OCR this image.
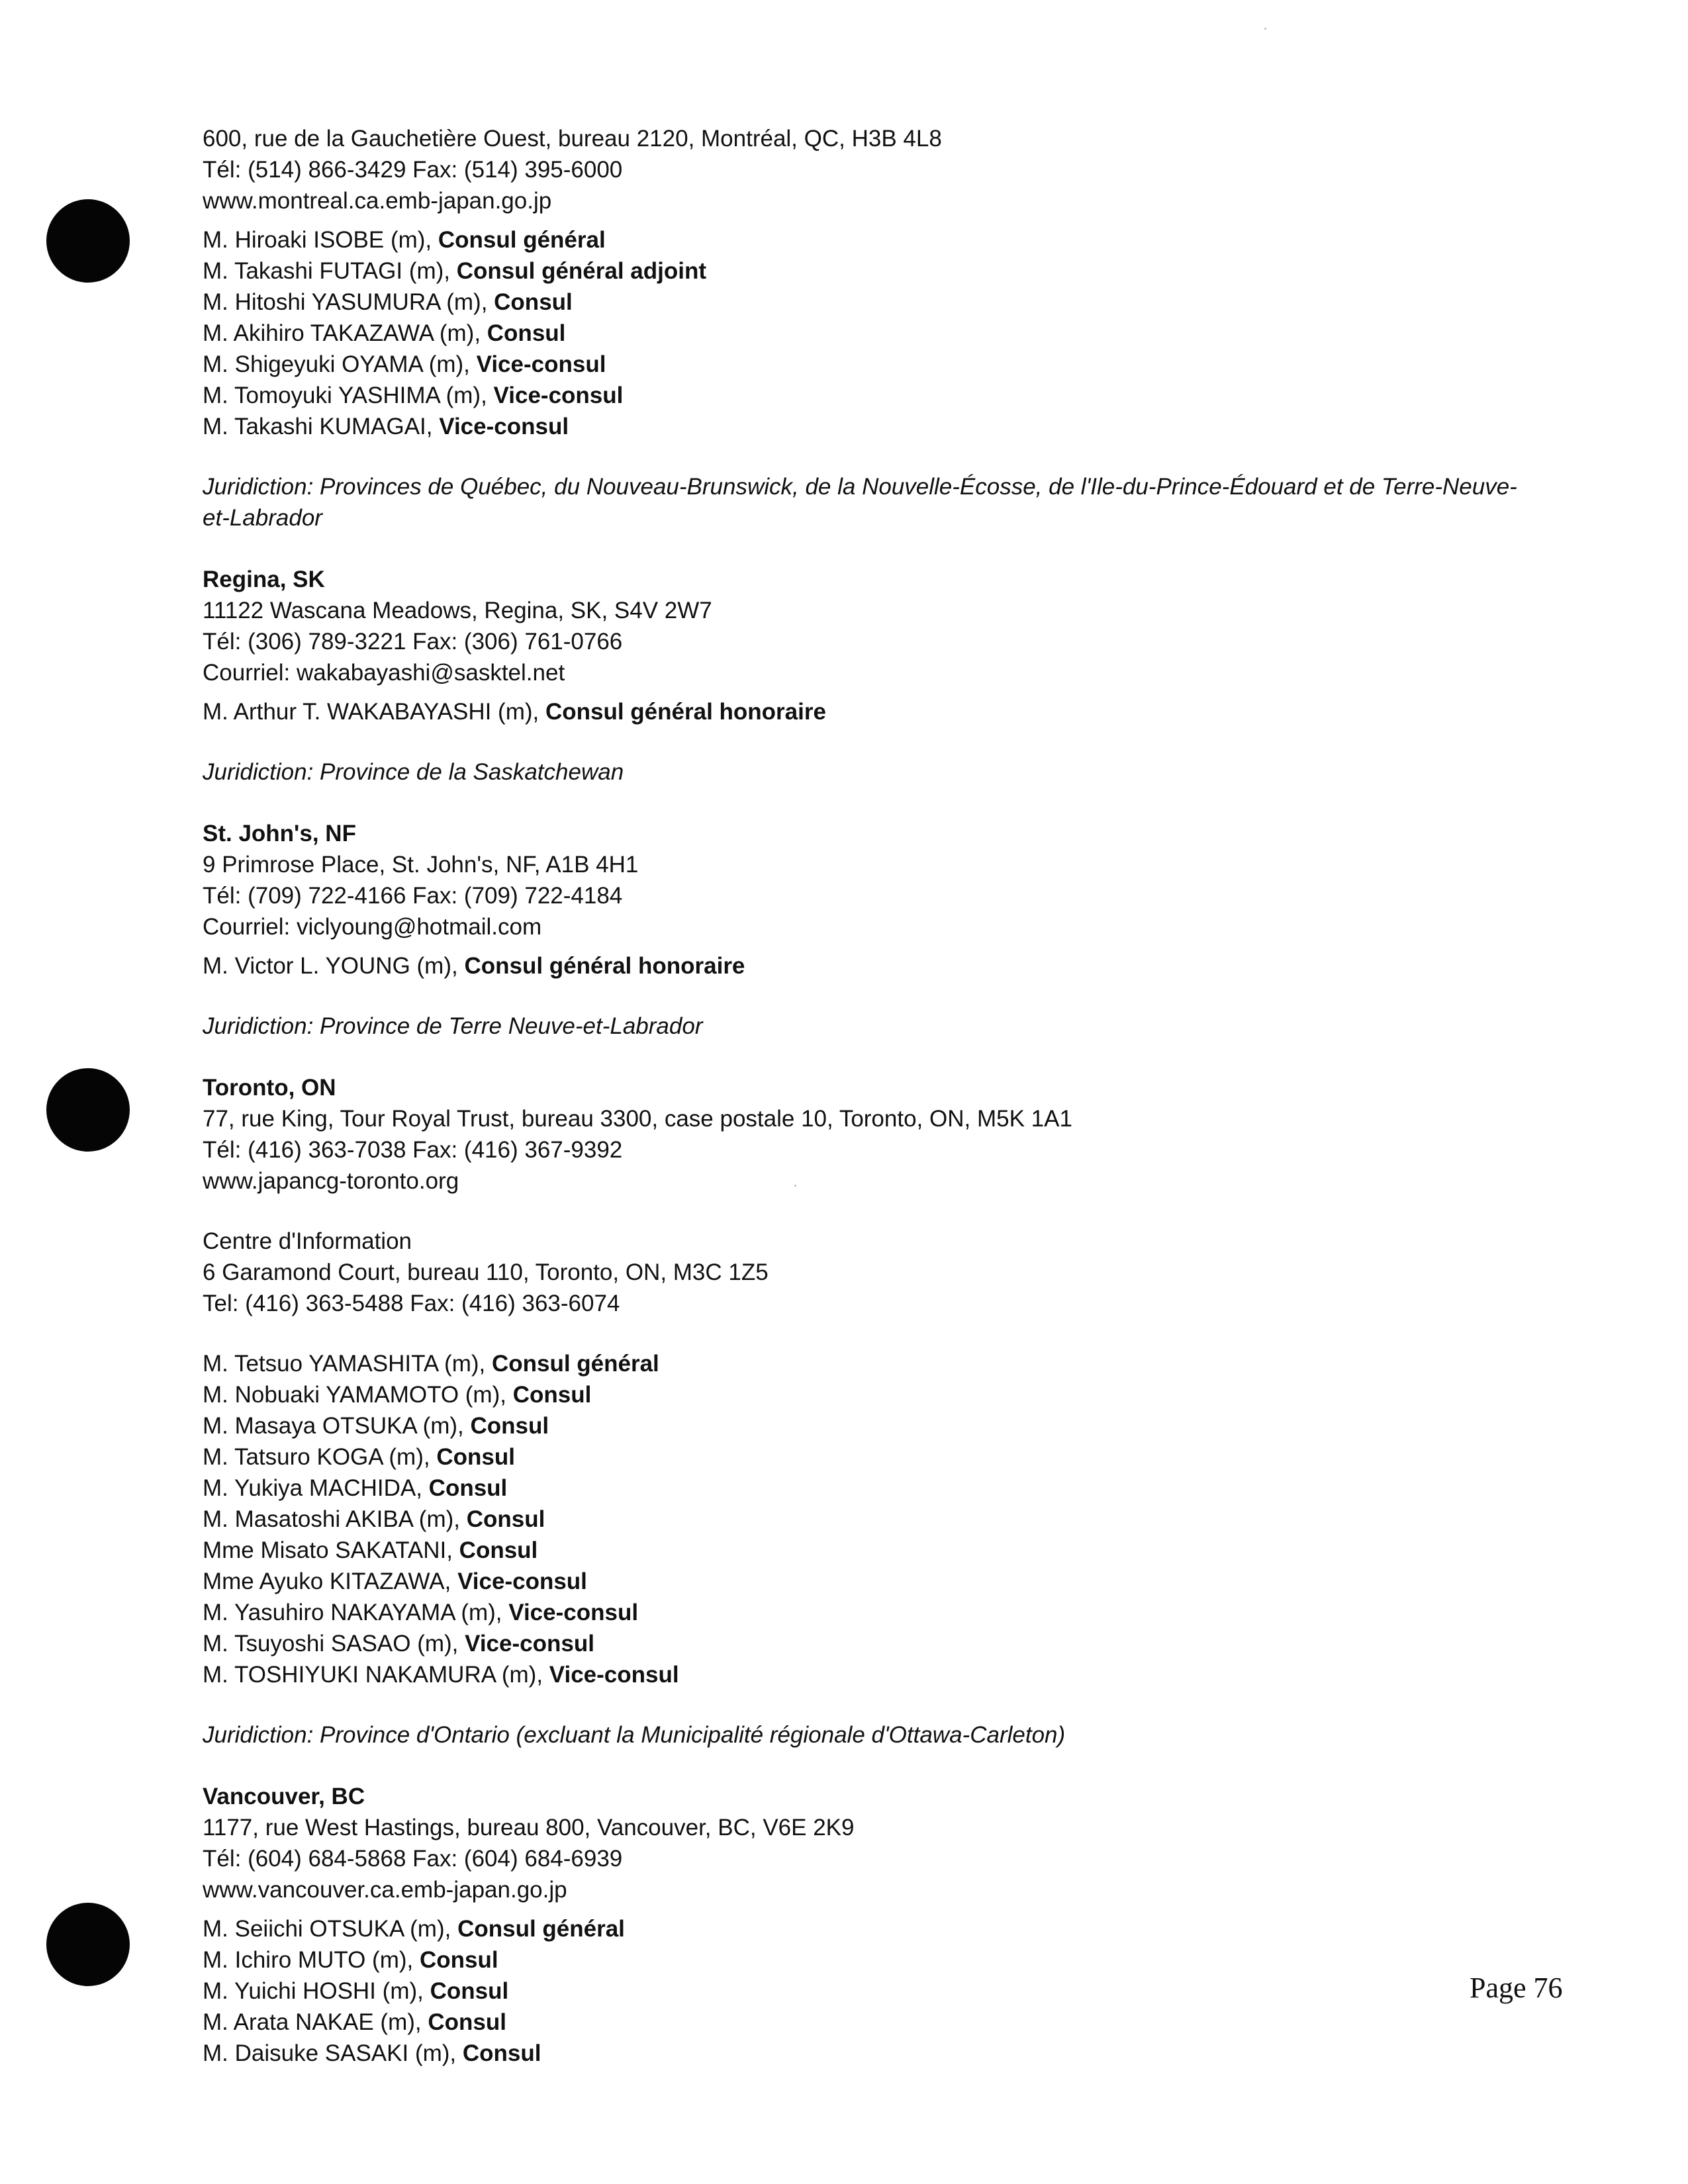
600, rue de la Gauchetière Ouest, bureau 2120, Montréal, QC, H3B 4L8
Tél: (514) 866-3429 Fax: (514) 395-6000
www.montreal.ca.emb-japan.go.jp
M. Hiroaki ISOBE (m), Consul général
M. Takashi FUTAGI (m), Consul général adjoint
M. Hitoshi YASUMURA (m), Consul
M. Akihiro TAKAZAWA (m), Consul
M. Shigeyuki OYAMA (m), Vice-consul
M. Tomoyuki YASHIMA (m), Vice-consul
M. Takashi KUMAGAI, Vice-consul
Juridiction: Provinces de Québec, du Nouveau-Brunswick, de la Nouvelle-Écosse, de l'Ile-du-Prince-Édouard et de Terre-Neuve- et-Labrador
Regina, SK
11122 Wascana Meadows, Regina, SK, S4V 2W7
Tél: (306) 789-3221 Fax: (306) 761-0766
Courriel: wakabayashi@sasktel.net
M. Arthur T. WAKABAYASHI (m), Consul général honoraire
Juridiction: Province de la Saskatchewan
St. John's, NF
9 Primrose Place, St. John's, NF, A1B 4H1
Tél: (709) 722-4166 Fax: (709) 722-4184
Courriel: viclyoung@hotmail.com
M. Victor L. YOUNG (m), Consul général honoraire
Juridiction: Province de Terre Neuve-et-Labrador
Toronto, ON
77, rue King, Tour Royal Trust, bureau 3300, case postale 10, Toronto, ON, M5K 1A1
Tél: (416) 363-7038 Fax: (416) 367-9392
www.japancg-toronto.org
Centre d'Information
6 Garamond Court, bureau 110, Toronto, ON, M3C 1Z5
Tel: (416) 363-5488 Fax: (416) 363-6074
M. Tetsuo YAMASHITA (m), Consul général
M. Nobuaki YAMAMOTO (m), Consul
M. Masaya OTSUKA (m), Consul
M. Tatsuro KOGA (m), Consul
M. Yukiya MACHIDA, Consul
M. Masatoshi AKIBA (m), Consul
Mme Misato SAKATANI, Consul
Mme Ayuko KITAZAWA, Vice-consul
M. Yasuhiro NAKAYAMA (m), Vice-consul
M. Tsuyoshi SASAO (m), Vice-consul
M. TOSHIYUKI NAKAMURA (m), Vice-consul
Juridiction: Province d'Ontario (excluant la Municipalité régionale d'Ottawa-Carleton)
Vancouver, BC
1177, rue West Hastings, bureau 800, Vancouver, BC, V6E 2K9
Tél: (604) 684-5868 Fax: (604) 684-6939
www.vancouver.ca.emb-japan.go.jp
M. Seiichi OTSUKA (m), Consul général
M. Ichiro MUTO (m), Consul
M. Yuichi HOSHI (m), Consul
M. Arata NAKAE (m), Consul
M. Daisuke SASAKI (m), Consul
Page 76
